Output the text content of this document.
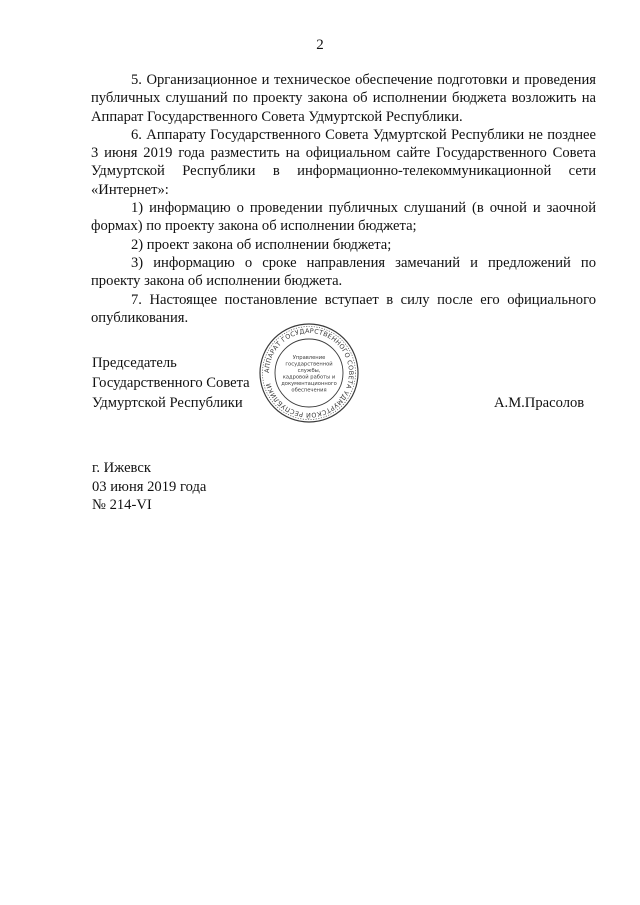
2

5. Организационное и техническое обеспечение подготовки и проведения публичных слушаний по проекту закона об исполнении бюджета возложить на Аппарат Государственного Совета Удмуртской Республики.

6. Аппарату Государственного Совета Удмуртской Республики не позднее 3 июня 2019 года разместить на официальном сайте Государственного Совета Удмуртской Республики в информационно-телекоммуникационной сети «Интернет»:

1) информацию о проведении публичных слушаний (в очной и заочной формах) по проекту закона об исполнении бюджета;

2) проект закона об исполнении бюджета;

3) информацию о сроке направления замечаний и предложений по проекту закона об исполнении бюджета.

7. Настоящее постановление вступает в силу после его официального опубликования.

Председатель
Государственного Совета
Удмуртской Республики
АППАРАТ ГОСУДАРСТВЕННОГО СОВЕТА УДМУРТСКОЙ РЕСПУБЛИКИ
Управление
государственной
службы,
кадровой работы и
документационного
обеспечения
А.М.Прасолов
г. Ижевск
03 июня 2019 года
№ 214-VI
